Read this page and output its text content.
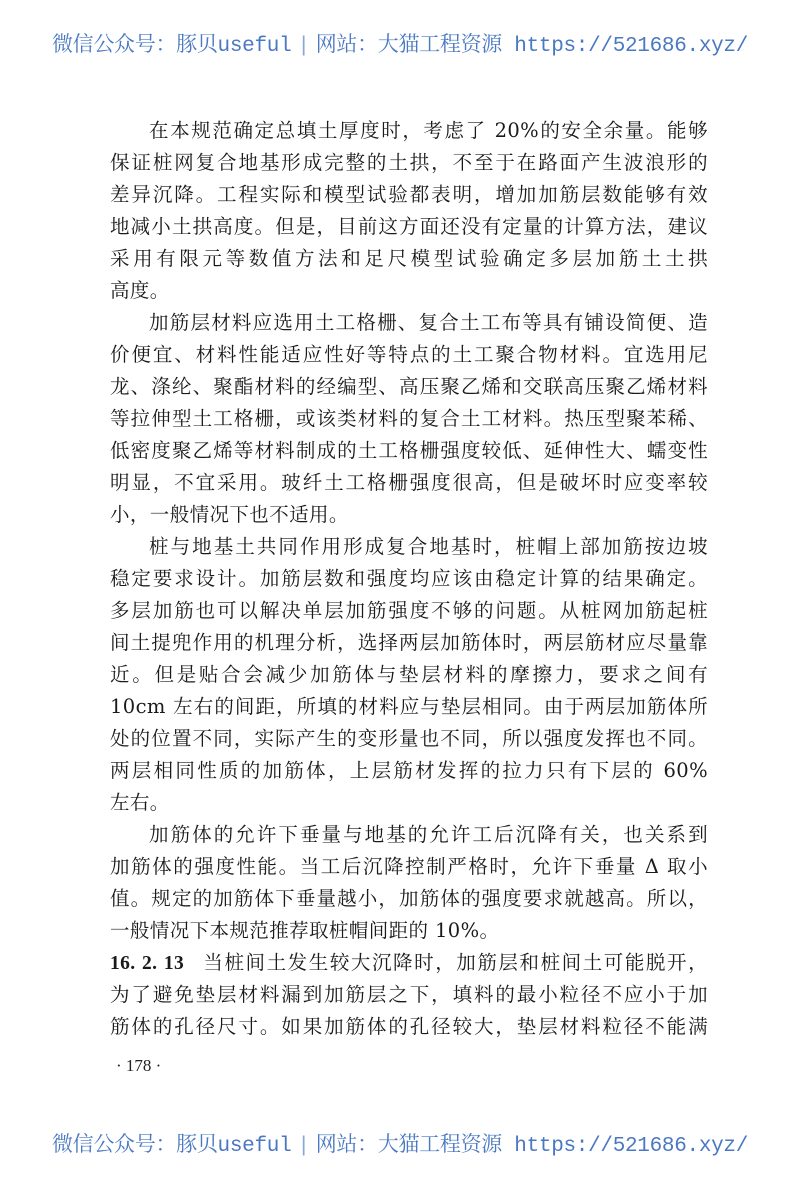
微信公众号：豚贝useful | 网站：大猫工程资源 https://521686.xyz/
在本规范确定总填土厚度时，考虑了 20%的安全余量。能够
保证桩网复合地基形成完整的土拱，不至于在路面产生波浪形的
差异沉降。工程实际和模型试验都表明，增加加筋层数能够有效
地减小土拱高度。但是，目前这方面还没有定量的计算方法，建议
采用有限元等数值方法和足尺模型试验确定多层加筋土土拱
高度。
加筋层材料应选用土工格栅、复合土工布等具有铺设简便、造
价便宜、材料性能适应性好等特点的土工聚合物材料。宜选用尼
龙、涤纶、聚酯材料的经编型、高压聚乙烯和交联高压聚乙烯材料
等拉伸型土工格栅，或该类材料的复合土工材料。热压型聚苯稀、
低密度聚乙烯等材料制成的土工格栅强度较低、延伸性大、蠕变性
明显，不宜采用。玻纤土工格栅强度很高，但是破坏时应变率较
小，一般情况下也不适用。
桩与地基土共同作用形成复合地基时，桩帽上部加筋按边坡
稳定要求设计。加筋层数和强度均应该由稳定计算的结果确定。
多层加筋也可以解决单层加筋强度不够的问题。从桩网加筋起桩
间土提兜作用的机理分析，选择两层加筋体时，两层筋材应尽量靠
近。但是贴合会减少加筋体与垫层材料的摩擦力，要求之间有
10cm 左右的间距，所填的材料应与垫层相同。由于两层加筋体所
处的位置不同，实际产生的变形量也不同，所以强度发挥也不同。
两层相同性质的加筋体，上层筋材发挥的拉力只有下层的 60%
左右。
加筋体的允许下垂量与地基的允许工后沉降有关，也关系到
加筋体的强度性能。当工后沉降控制严格时，允许下垂量 Δ 取小
值。规定的加筋体下垂量越小，加筋体的强度要求就越高。所以，
一般情况下本规范推荐取桩帽间距的 10%。
16. 2. 13 当桩间土发生较大沉降时，加筋层和桩间土可能脱开，
为了避免垫层材料漏到加筋层之下，填料的最小粒径不应小于加
筋体的孔径尺寸。如果加筋体的孔径较大，垫层材料粒径不能满
· 178 ·
微信公众号：豚贝useful | 网站：大猫工程资源 https://521686.xyz/
